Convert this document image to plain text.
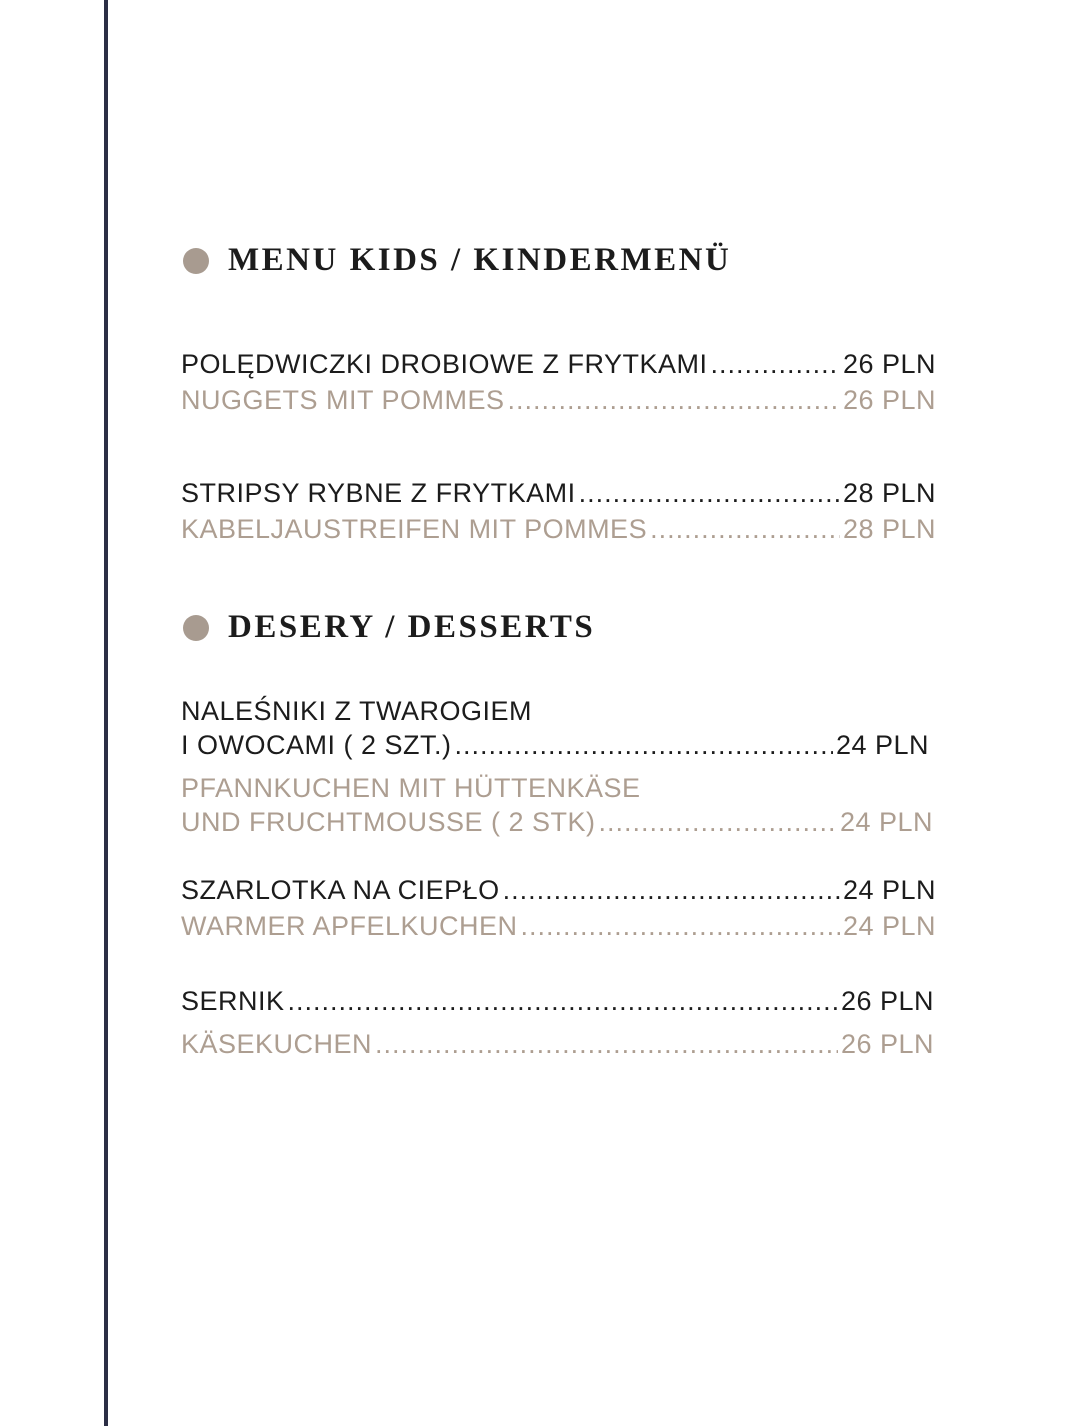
MENU KIDS / KINDERMENÜ
POLĘDWICZKI DROBIOWE Z FRYTKAMI .....	26 PLN
NUGGETS MIT POMMES .....	26 PLN
STRIPSY RYBNE Z FRYTKAMI .....	28 PLN
KABELJAUSTREIFEN MIT POMMES .....	28 PLN
DESERY / DESSERTS
NALEŚNIKI Z TWAROGIEM
I OWOCAMI ( 2 SZT.) .....	24 PLN
PFANNKUCHEN MIT HÜTTENKÄSE
UND FRUCHTMOUSSE ( 2 STK) .....	24 PLN
SZARLOTKA NA CIEPŁO .....	24 PLN
WARMER APFELKUCHEN .....	24 PLN
SERNIK .....	26 PLN
KÄSEKUCHEN .....	26 PLN
